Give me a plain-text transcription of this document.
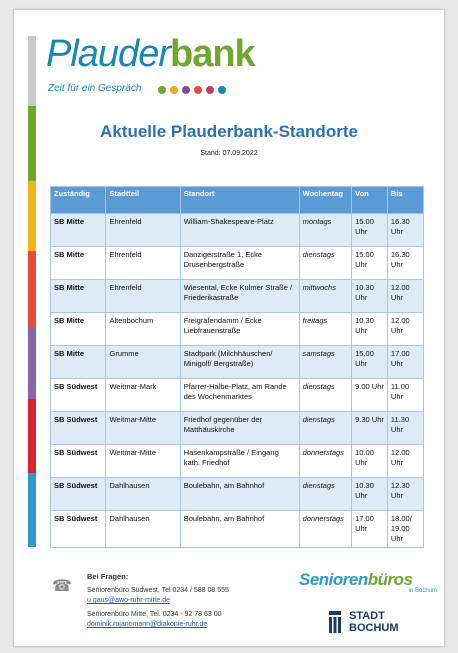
Plauderbank
Zeit für ein Gespräch
Aktuelle Plauderbank-Standorte
Stand: 07.09.2022
Zuständig	Stadtteil	Standort	Wochentag	Von	Bis
SB Mitte	Ehrenfeld	William-Shakespeare-Platz	montags	15.00 Uhr	16.30 Uhr
SB Mitte	Ehrenfeld	Danzigerstraße 1, Ecke Drusenbergstraße	dienstags	15.00 Uhr	16.30 Uhr
SB Mitte	Ehrenfeld	Wiesental, Ecke Kulmer Straße / Friederikastraße	mittwochs	10.30 Uhr	12.00 Uhr
SB Mitte	Altenbochum	Freigrafendamm / Ecke Liebfrauenstraße	freitags	10.30 Uhr	12.00 Uhr
SB Mitte	Grumme	Stadtpark (Milchhäuschen/ Minigolf/ Bergstraße)	samstags	15.00 Uhr	17.00 Uhr
SB Südwest	Weitmar-Mark	Pfarrer-Halbe-Platz, am Rande des Wochenmarktes	dienstags	9.00 Uhr	11.00 Uhr
SB Südwest	Weitmar-Mitte	Friedhof gegenüber der Matthäuskirche	dienstags	9.30 Uhr	11.30 Uhr
SB Südwest	Weitmar-Mitte	Hasenkampstraße / Eingang kath. Friedhof	donnerstags	10.00 Uhr	12.00 Uhr
SB Südwest	Dahlhausen	Boulebahn, am Bahnhof	dienstags	10.30 Uhr	12.30 Uhr
SB Südwest	Dahlhausen	Boulebahn, am Bahnhof	donnerstags	17.00 Uhr	18.00/ 19.00 Uhr
☎
Bei Fragen:
Seniorenbüro Südwest, Tel 0234 / 588 08 555
u.gaus@awo-ruhr-mitte.de
Seniorenbüro Mitte, Tel. 0234 - 92 78 63 00
dominik.rojanomann@diakonie-ruhr.de
Seniorenbüros
in Bochum
STADT
BOCHUM
